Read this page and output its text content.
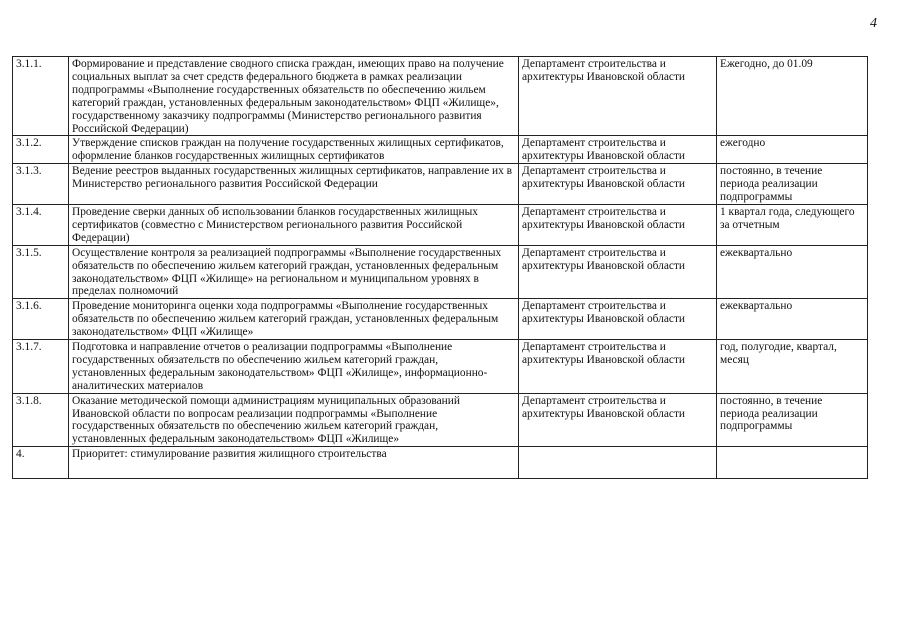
4
3.1.1.	Формирование и представление сводного списка граждан, имеющих право на получение социальных выплат за счет средств федерального бюджета в рамках реализации подпрограммы «Выполнение государственных обязательств по обеспечению жильем категорий граждан, установленных федеральным законодательством» ФЦП «Жилище», государственному заказчику подпрограммы (Министерство регионального развития Российской Федерации)	Департамент строительства и архитектуры Ивановской области	Ежегодно, до 01.09
3.1.2.	Утверждение списков граждан на получение государственных жилищных сертификатов, оформление бланков государственных жилищных сертификатов	Департамент строительства и архитектуры Ивановской области	ежегодно
3.1.3.	Ведение реестров выданных государственных жилищных сертификатов, направление их в Министерство регионального развития Российской Федерации	Департамент строительства и архитектуры Ивановской области	постоянно, в течение периода реализации подпрограммы
3.1.4.	Проведение сверки данных об использовании бланков государственных жилищных сертификатов (совместно с Министерством регионального развития Российской Федерации)	Департамент строительства и архитектуры Ивановской области	1 квартал года, следующего за отчетным
3.1.5.	Осуществление контроля за реализацией подпрограммы «Выполнение государственных обязательств по обеспечению жильем категорий граждан, установленных федеральным законодательством» ФЦП «Жилище» на региональном и муниципальном уровнях в пределах полномочий	Департамент строительства и архитектуры Ивановской области	ежеквартально
3.1.6.	Проведение мониторинга оценки хода подпрограммы «Выполнение государственных обязательств по обеспечению жильем категорий граждан, установленных федеральным законодательством» ФЦП «Жилище»	Департамент строительства и архитектуры Ивановской области	ежеквартально
3.1.7.	Подготовка и направление отчетов о реализации подпрограммы «Выполнение государственных обязательств по обеспечению жильем категорий граждан, установленных федеральным законодательством» ФЦП «Жилище», информационно-аналитических материалов	Департамент строительства и архитектуры Ивановской области	год, полугодие, квартал, месяц
3.1.8.	Оказание методической помощи администрациям муниципальных образований Ивановской области по вопросам реализации подпрограммы «Выполнение государственных обязательств по обеспечению жильем категорий граждан, установленных федеральным законодательством» ФЦП «Жилище»	Департамент строительства и архитектуры Ивановской области	постоянно, в течение периода реализации подпрограммы
4.	Приоритет: стимулирование развития жилищного строительства		
